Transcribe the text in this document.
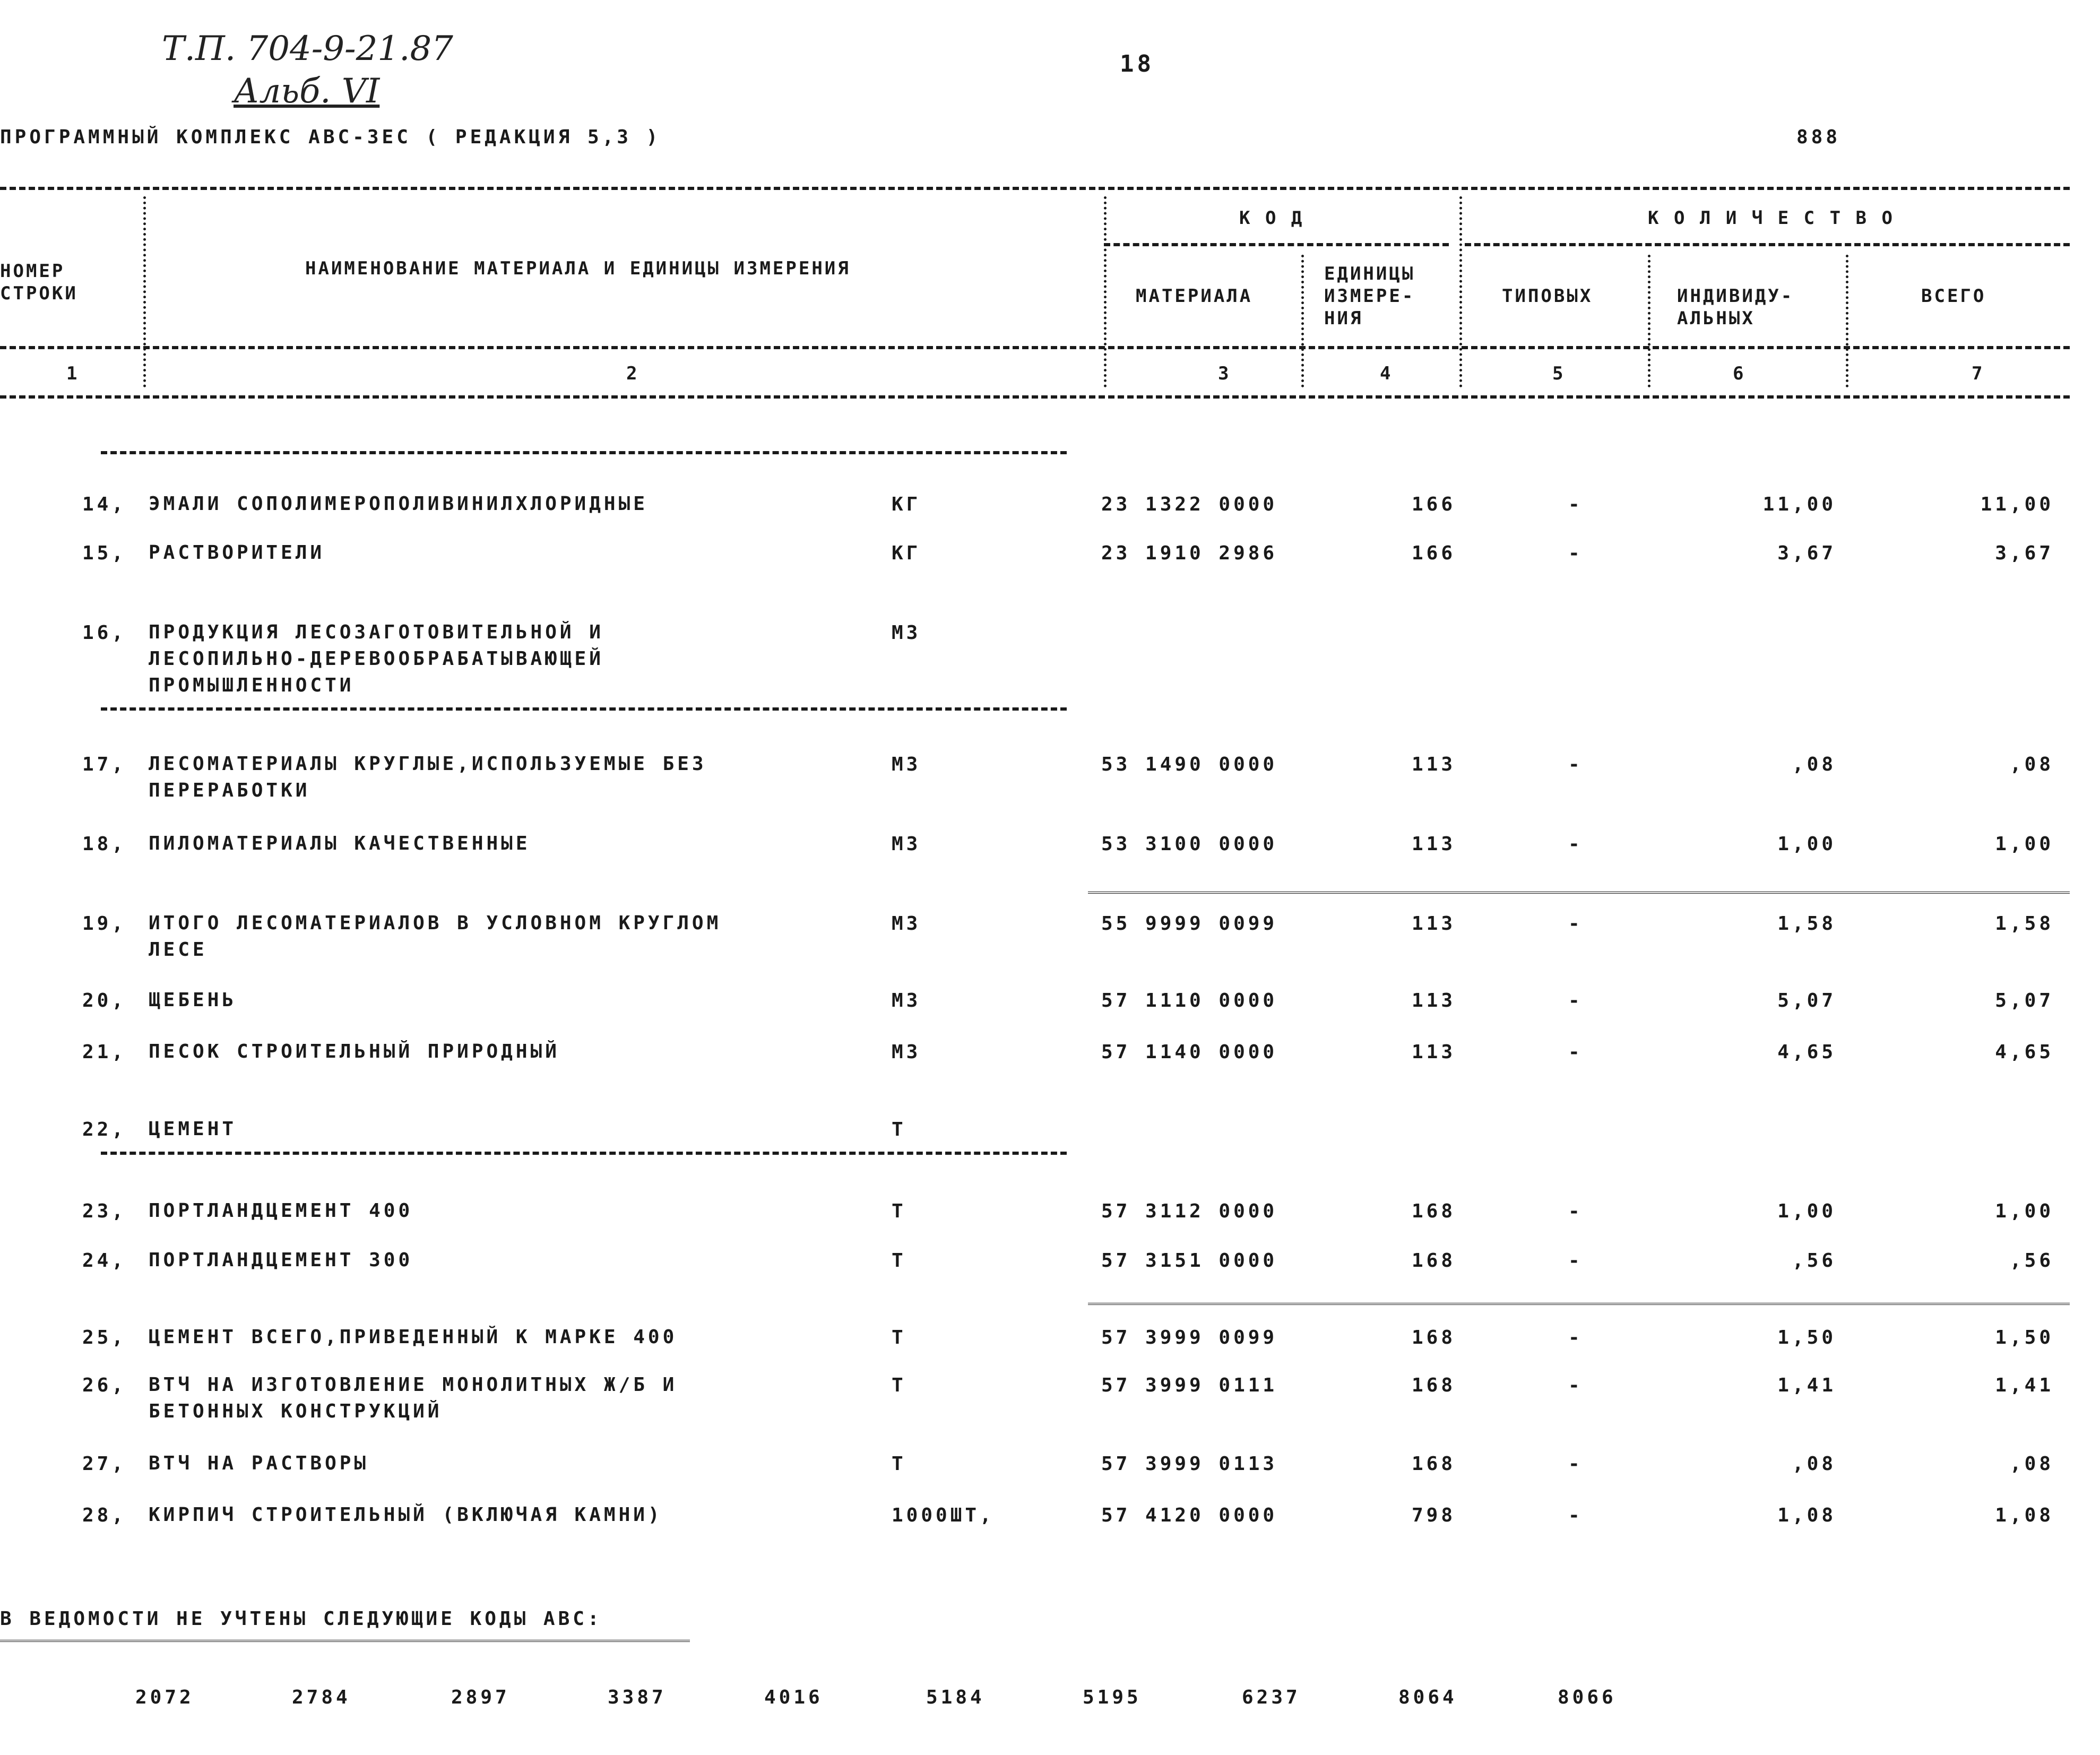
Т.П. 704-9-21.87
Альб. VI
18
ПРОГРАММНЫЙ КОМПЛЕКС АВС-3ЕС ( РЕДАКЦИЯ 5,3 )	888
НОМЕР
СТРОКИ
НАИМЕНОВАНИЕ МАТЕРИАЛА И ЕДИНИЦЫ ИЗМЕРЕНИЯ
К О Д
МАТЕРИАЛА
ЕДИНИЦЫ
ИЗМЕРЕ-
НИЯ
К О Л И Ч Е С Т В О
ТИПОВЫХ	ИНДИВИДУ-
АЛЬНЫХ
ВСЕГО
1	2	3	4	5	6	7
14, ЭМАЛИ СОПОЛИМЕРОПОЛИВИНИЛХЛОРИДНЫЕ	КГ	23 1322 0000	166	-	11,00	11,00
15, РАСТВОРИТЕЛИ	КГ	23 1910 2986	166	-	3,67	3,67
16, ПРОДУКЦИЯ ЛЕСОЗАГОТОВИТЕЛЬНОЙ И
ЛЕСОПИЛЬНО-ДЕРЕВООБРАБАТЫВАЮЩЕЙ
ПРОМЫШЛЕННОСТИ
М3
17, ЛЕСОМАТЕРИАЛЫ КРУГЛЫЕ,ИСПОЛЬЗУЕМЫЕ БЕЗ
ПЕРЕРАБОТКИ
М3	53 1490 0000	113	-	,08	,08
18, ПИЛОМАТЕРИАЛЫ КАЧЕСТВЕННЫЕ	М3	53 3100 0000	113	-	1,00	1,00
19, ИТОГО ЛЕСОМАТЕРИАЛОВ В УСЛОВНОМ КРУГЛОМ
ЛЕСЕ
М3	55 9999 0099	113	-	1,58	1,58
20, ЩЕБЕНЬ	М3	57 1110 0000	113	-	5,07	5,07
21, ПЕСОК СТРОИТЕЛЬНЫЙ ПРИРОДНЫЙ	М3	57 1140 0000	113	-	4,65	4,65
22, ЦЕМЕНТ	Т
23, ПОРТЛАНДЦЕМЕНТ 400	Т	57 3112 0000	168	-	1,00	1,00
24, ПОРТЛАНДЦЕМЕНТ 300	Т	57 3151 0000	168	-	,56	,56
25, ЦЕМЕНТ ВСЕГО,ПРИВЕДЕННЫЙ К МАРКЕ 400	Т	57 3999 0099	168	-	1,50	1,50
26, ВТЧ НА ИЗГОТОВЛЕНИЕ МОНОЛИТНЫХ Ж/Б И
БЕТОННЫХ КОНСТРУКЦИЙ
Т	57 3999 0111	168	-	1,41	1,41
27, ВТЧ НА РАСТВОРЫ	Т	57 3999 0113	168	-	,08	,08
28, КИРПИЧ СТРОИТЕЛЬНЫЙ (ВКЛЮЧАЯ КАМНИ)	1000ШТ,	57 4120 0000	798	-	1,08	1,08
В ВЕДОМОСТИ НЕ УЧТЕНЫ СЛЕДУЮЩИЕ КОДЫ АВС:
2072	2784	2897	3387	4016	5184	5195	6237	8064	8066
